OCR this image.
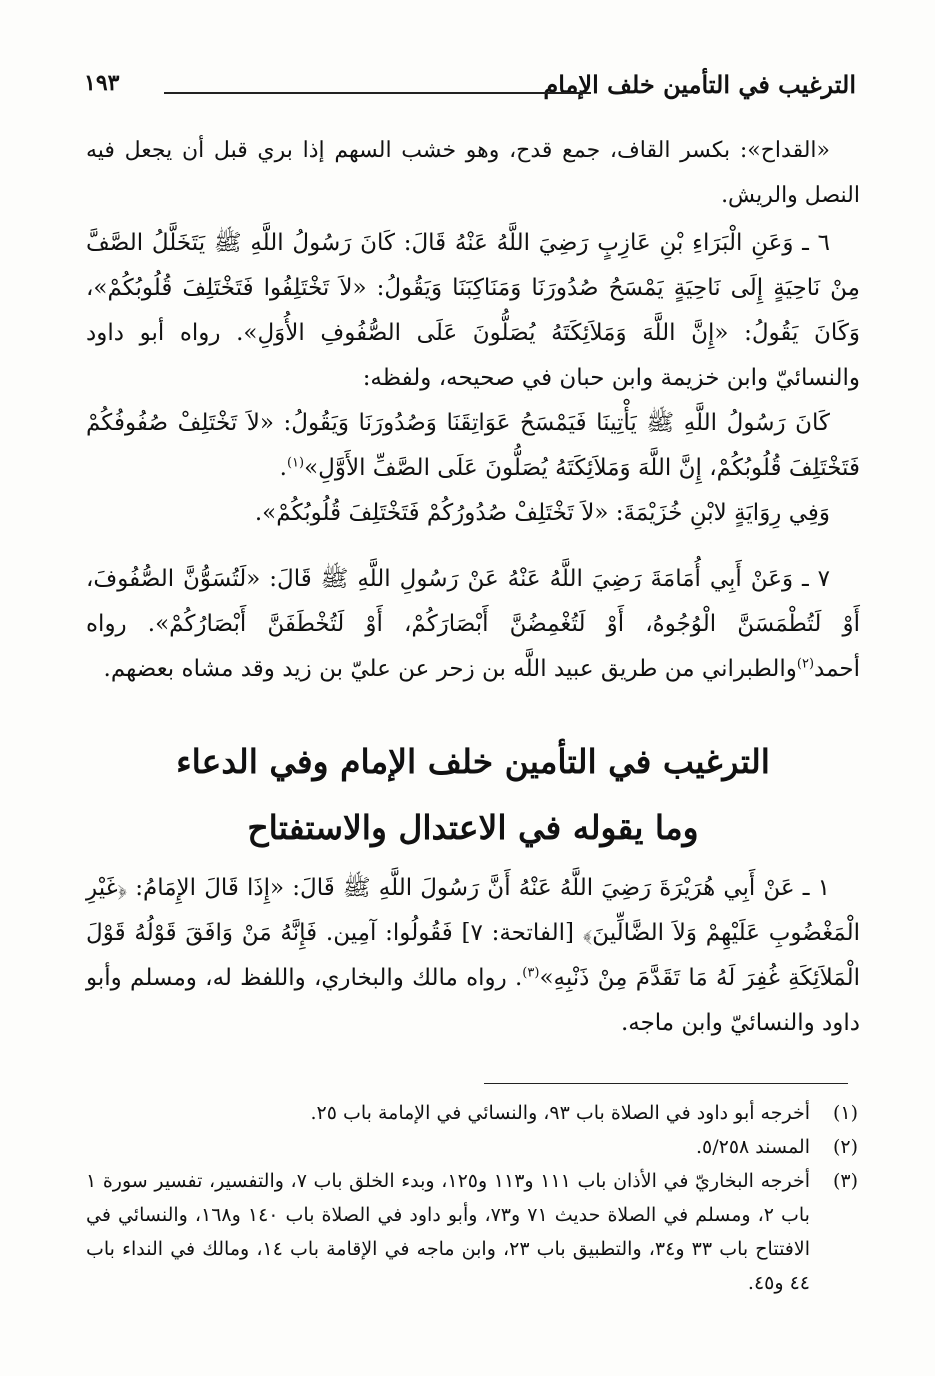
الترغيب في التأمين خلف الإمام
١٩٣

«القداح»: بكسر القاف، جمع قدح، وهو خشب السهم إذا بري قبل أن يجعل فيه النصل والريش.

٦ ـ وَعَنِ الْبَرَاءِ بْنِ عَازِبٍ رَضِيَ اللَّهُ عَنْهُ قَالَ: كَانَ رَسُولُ اللَّهِ ﷺ يَتَخَلَّلُ الصَّفَّ مِنْ نَاحِيَةٍ إِلَى نَاحِيَةٍ يَمْسَحُ صُدُورَنَا وَمَنَاكِبَنَا وَيَقُولُ: «لاَ تَخْتَلِفُوا فَتَخْتَلِفَ قُلُوبُكُمْ»، وَكَانَ يَقُولُ: «إِنَّ اللَّهَ وَمَلاَئِكَتَهُ يُصَلُّونَ عَلَى الصُّفُوفِ الأُوَلِ». رواه أبو داود والنسائيّ وابن خزيمة وابن حبان في صحيحه، ولفظه:

كَانَ رَسُولُ اللَّهِ ﷺ يَأْتِينَا فَيَمْسَحُ عَوَاتِقَنَا وَصُدُورَنَا وَيَقُولُ: «لاَ تَخْتَلِفْ صُفُوفُكُمْ فَتَخْتَلِفَ قُلُوبُكُمْ، إِنَّ اللَّهَ وَمَلاَئِكَتَهُ يُصَلُّونَ عَلَى الصَّفِّ الأَوَّلِ»$^{(١)}$.

وَفِي رِوَايَةٍ لابْنِ خُزَيْمَةَ: «لاَ تَخْتَلِفْ صُدُورُكُمْ فَتَخْتَلِفَ قُلُوبُكُمْ».

٧ ـ وَعَنْ أَبِي أُمَامَةَ رَضِيَ اللَّهُ عَنْهُ عَنْ رَسُولِ اللَّهِ ﷺ قَالَ: «لَتُسَوُّنَّ الصُّفُوفَ، أَوْ لَتُطْمَسَنَّ الْوُجُوهُ، أَوْ لَتُغْمِضُنَّ أَبْصَارَكُمْ، أَوْ لَتُخْطَفَنَّ أَبْصَارُكُمْ». رواه أحمد$^{(٢)}$والطبراني من طريق عبيد اللَّه بن زحر عن عليّ بن زيد وقد مشاه بعضهم.

الترغيب في التأمين خلف الإمام وفي الدعاء
وما يقوله في الاعتدال والاستفتاح

١ ـ عَنْ أَبِي هُرَيْرَةَ رَضِيَ اللَّهُ عَنْهُ أَنَّ رَسُولَ اللَّهِ ﷺ قَالَ: «إِذَا قَالَ الإِمَامُ: ﴿غَيْرِ الْمَغْضُوبِ عَلَيْهِمْ وَلاَ الضَّالِّينَ﴾ [الفاتحة: ٧] فَقُولُوا: آمِين. فَإِنَّهُ مَنْ وَافَقَ قَوْلُهُ قَوْلَ الْمَلاَئِكَةِ غُفِرَ لَهُ مَا تَقَدَّمَ مِنْ ذَنْبِهِ»$^{(٣)}$. رواه مالك والبخاري، واللفظ له، ومسلم وأبو داود والنسائيّ وابن ماجه.

(١)
أخرجه أبو داود في الصلاة باب ٩٣، والنسائي في الإمامة باب ٢٥.

(٢)
المسند ٥/٢٥٨.

(٣)
أخرجه البخاريّ في الأذان باب ١١١ و١١٣ و١٢٥، وبدء الخلق باب ٧، والتفسير، تفسير سورة ١ باب ٢، ومسلم في الصلاة حديث ٧١ و٧٣، وأبو داود في الصلاة باب ١٤٠ و١٦٨، والنسائي في الافتتاح باب ٣٣ و٣٤، والتطبيق باب ٢٣، وابن ماجه في الإقامة باب ١٤، ومالك في النداء باب ٤٤ و٤٥.
